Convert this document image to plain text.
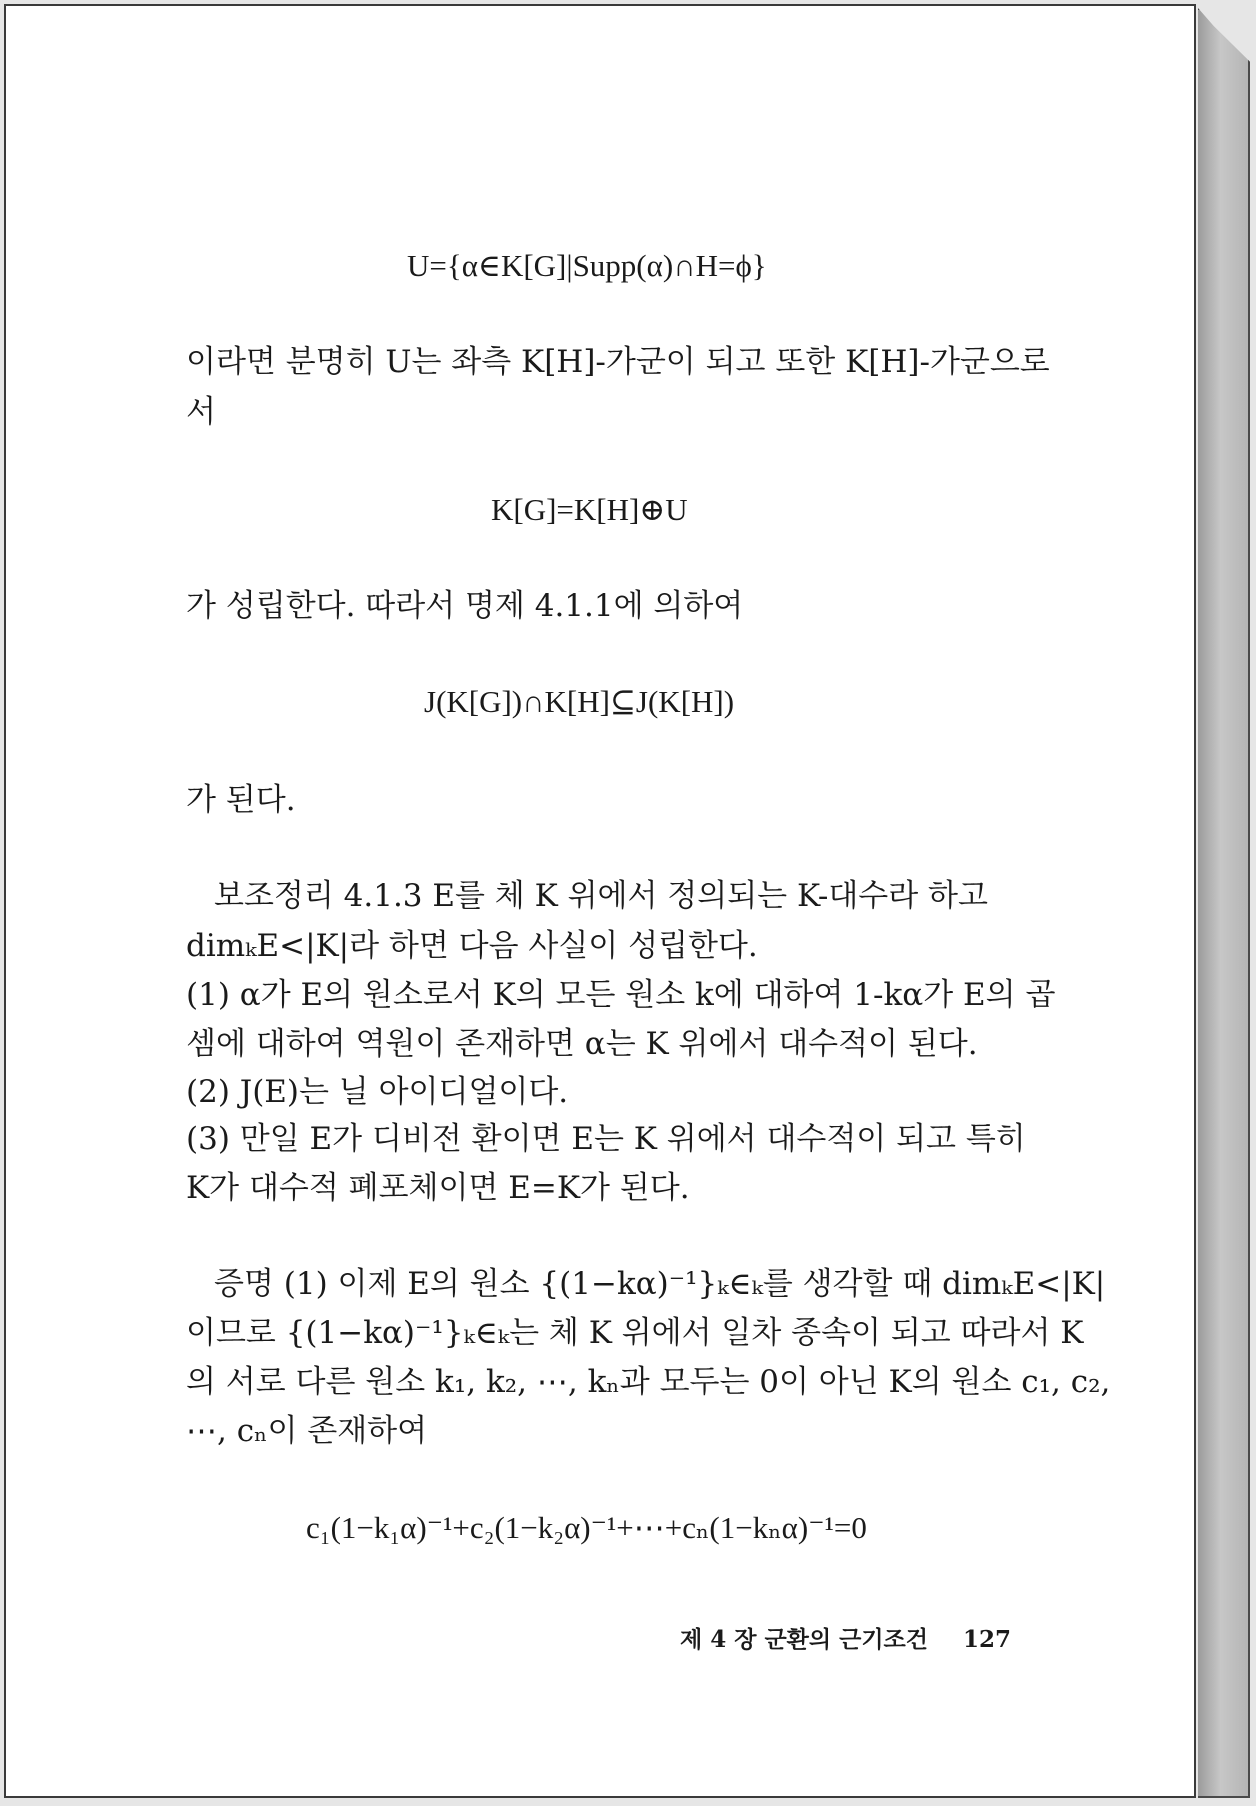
U={α∈K[G]|Supp(α)∩H=ϕ}
이라면 분명히 U는 좌측 K[H]-가군이 되고 또한 K[H]-가군으로
서
K[G]=K[H]⊕U
가 성립한다. 따라서 명제 4.1.1에 의하여
J(K[G])∩K[H]⊆J(K[H])
가 된다.
보조정리 4.1.3 E를 체 K 위에서 정의되는 K-대수라 하고
dimₖE<|K|라 하면 다음 사실이 성립한다.
(1) α가 E의 원소로서 K의 모든 원소 k에 대하여 1-kα가 E의 곱
셈에 대하여 역원이 존재하면 α는 K 위에서 대수적이 된다.
(2) J(E)는 닐 아이디얼이다.
(3) 만일 E가 디비전 환이면 E는 K 위에서 대수적이 되고 특히
K가 대수적 폐포체이면 E=K가 된다.
증명 (1) 이제 E의 원소 {(1−kα)⁻¹}ₖ∈ₖ를 생각할 때 dimₖE<|K|
이므로 {(1−kα)⁻¹}ₖ∈ₖ는 체 K 위에서 일차 종속이 되고 따라서 K
의 서로 다른 원소 k₁, k₂, ⋯, kₙ과 모두는 0이 아닌 K의 원소 c₁, c₂,
⋯, cₙ이 존재하여
c₁(1−k₁α)⁻¹+c₂(1−k₂α)⁻¹+⋯+cₙ(1−kₙα)⁻¹=0
제 4 장 군환의 근기조건 127
